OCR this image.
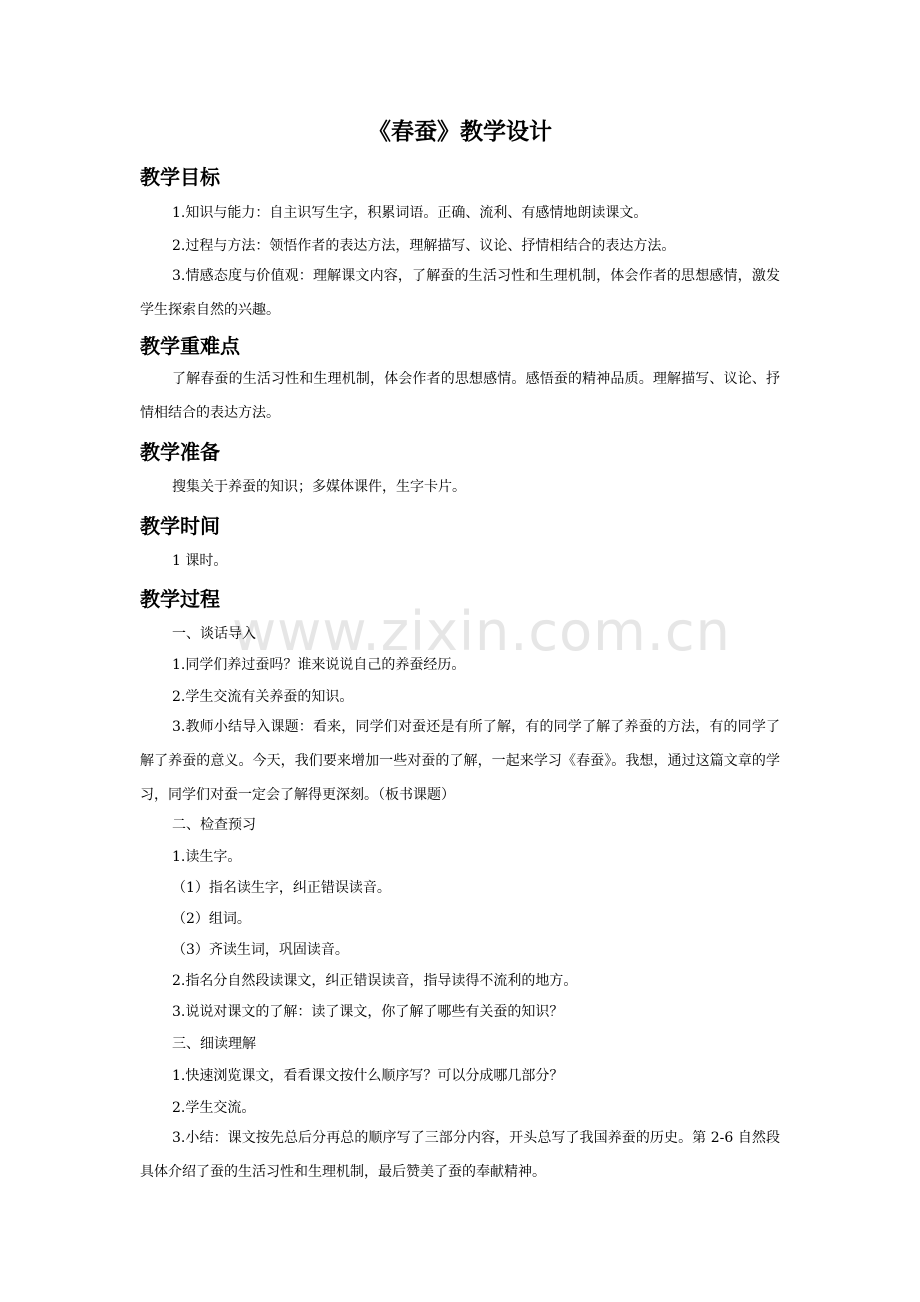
www.zixin.com.cn
《春蚕》教学设计
教学目标
1.知识与能力：自主识写生字，积累词语。正确、流利、有感情地朗读课文。
2.过程与方法：领悟作者的表达方法，理解描写、议论、抒情相结合的表达方法。
3.情感态度与价值观：理解课文内容，了解蚕的生活习性和生理机制，体会作者的思想感情，激发学生探索自然的兴趣。
教学重难点
了解春蚕的生活习性和生理机制，体会作者的思想感情。感悟蚕的精神品质。理解描写、议论、抒情相结合的表达方法。
教学准备
搜集关于养蚕的知识；多媒体课件，生字卡片。
教学时间
1 课时。
教学过程
一、谈话导入
1.同学们养过蚕吗？谁来说说自己的养蚕经历。
2.学生交流有关养蚕的知识。
3.教师小结导入课题：看来，同学们对蚕还是有所了解，有的同学了解了养蚕的方法，有的同学了解了养蚕的意义。今天，我们要来增加一些对蚕的了解，一起来学习《春蚕》。我想，通过这篇文章的学习，同学们对蚕一定会了解得更深刻。（板书课题）
二、检查预习
1.读生字。
（1）指名读生字，纠正错误读音。
（2）组词。
（3）齐读生词，巩固读音。
2.指名分自然段读课文，纠正错误读音，指导读得不流利的地方。
3.说说对课文的了解：读了课文，你了解了哪些有关蚕的知识？
三、细读理解
1.快速浏览课文，看看课文按什么顺序写？可以分成哪几部分？
2.学生交流。
3.小结：课文按先总后分再总的顺序写了三部分内容，开头总写了我国养蚕的历史。第 2-6 自然段具体介绍了蚕的生活习性和生理机制，最后赞美了蚕的奉献精神。
